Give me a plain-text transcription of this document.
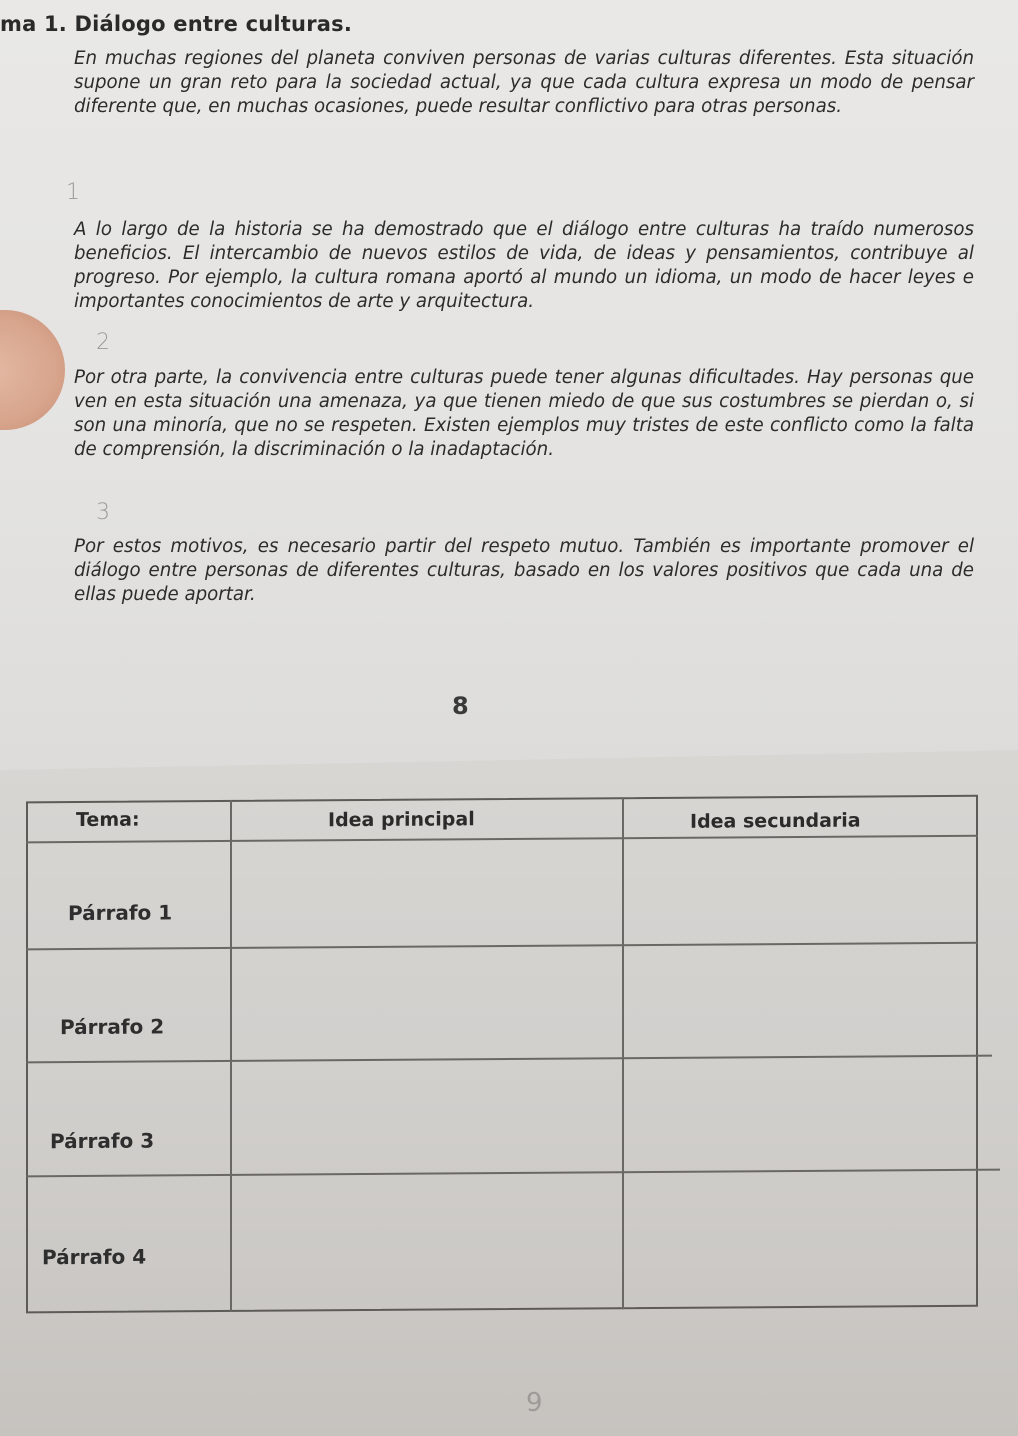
ma 1. Diálogo entre culturas.
1
2
3

En muchas regiones del planeta conviven personas de varias culturas diferentes. Esta situación supone un gran reto para la sociedad actual, ya que cada cultura expresa un modo de pensar diferente que, en muchas ocasiones, puede resultar conflictivo para otras personas.

A lo largo de la historia se ha demostrado que el diálogo entre culturas ha traído numerosos beneficios. El intercambio de nuevos estilos de vida, de ideas y pensamientos, contribuye al progreso. Por ejemplo, la cultura romana aportó al mundo un idioma, un modo de hacer leyes e importantes conocimientos de arte y arquitectura.

Por otra parte, la convivencia entre culturas puede tener algunas dificultades. Hay personas que ven en esta situación una amenaza, ya que tienen miedo de que sus costumbres se pierdan o, si son una minoría, que no se respeten. Existen ejemplos muy tristes de este conflicto como la falta de comprensión, la discriminación o la inadaptación.

Por estos motivos, es necesario partir del respeto mutuo. También es importante promover el diálogo entre personas de diferentes culturas, basado en los valores positivos que cada una de ellas puede aportar.

8
Tema:	Idea principal	Idea secundaria
Párrafo 1
Párrafo 2
Párrafo 3
Párrafo 4
9
